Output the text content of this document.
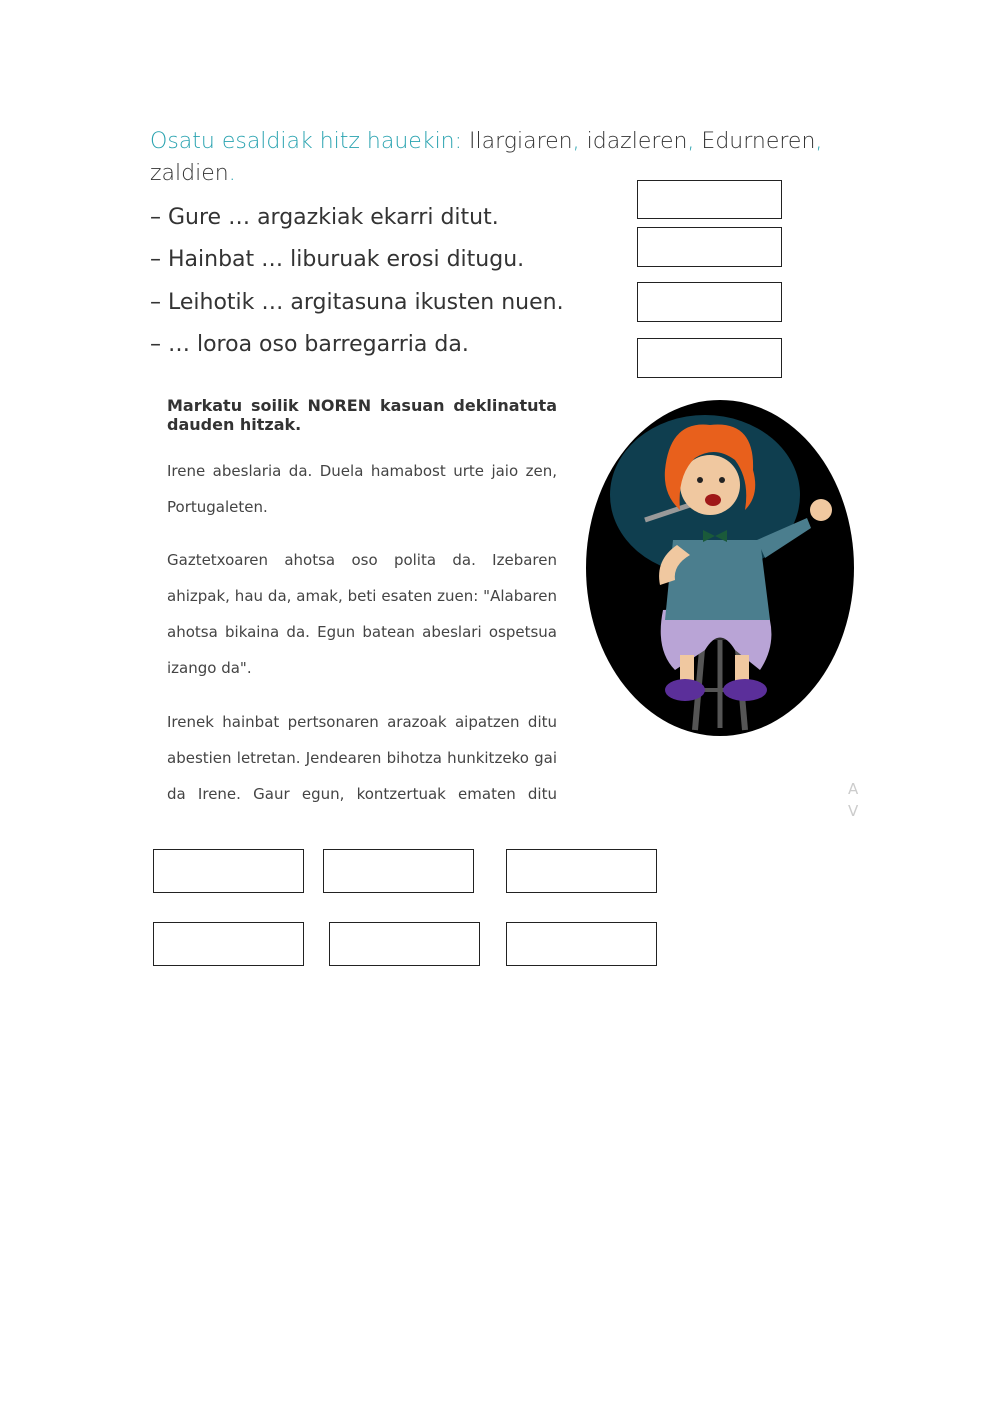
Osatu esaldiak hitz hauekin: Ilargiaren, idazleren, Edurneren, zaldien.
– Gure … argazkiak ekarri ditut.
– Hainbat … liburuak erosi ditugu.
– Leihotik … argitasuna ikusten nuen.
– … loroa oso barregarria da.
Markatu soilik NOREN kasuan deklinatuta dauden hitzak.
Irene abeslaria da. Duela hamabost urte jaio zen, Portugaleten.
Gaztetxoaren ahotsa oso polita da. Izebaren ahizpak, hau da, amak, beti esaten zuen: "Alabaren ahotsa bikaina da. Egun batean abeslari ospetsua izango da".
Irenek hainbat pertsonaren arazoak aipatzen ditu abestien letretan. Jendearen bihotza hunkitzeko gai da Irene. Gaur egun, kontzertuak ematen ditu	A V
